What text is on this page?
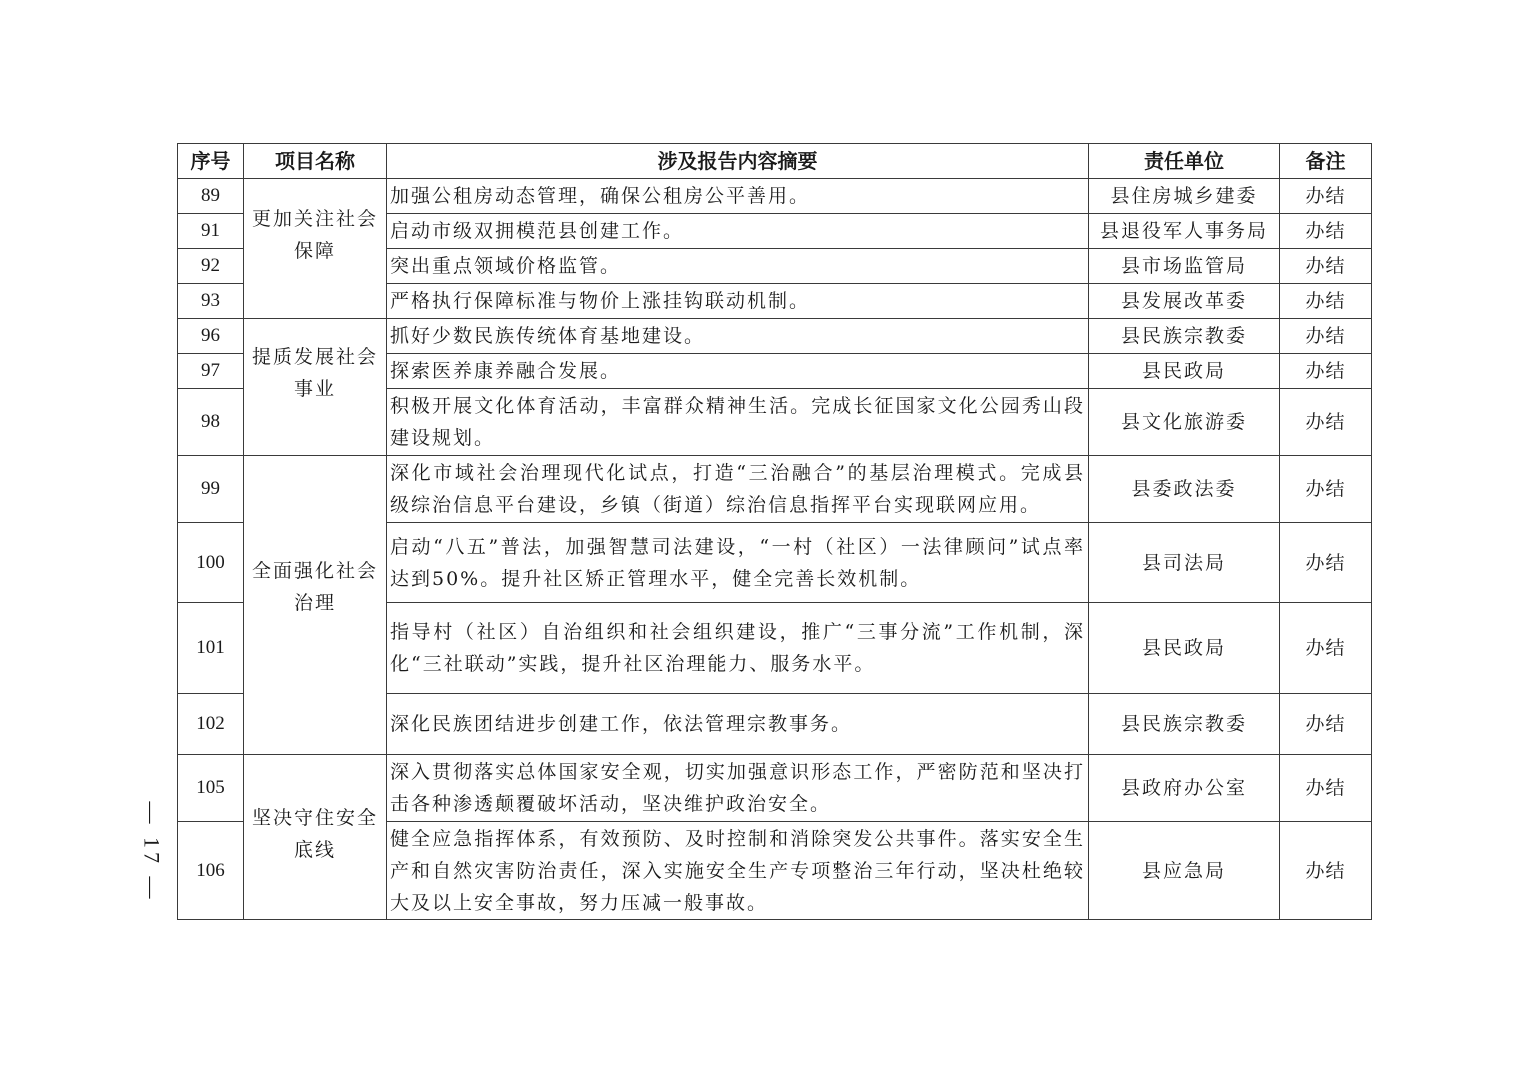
序号	项目名称	涉及报告内容摘要	责任单位	备注
89	更加关注社会保障	加强公租房动态管理，确保公租房公平善用。	县住房城乡建委	办结
91		启动市级双拥模范县创建工作。	县退役军人事务局	办结
92		突出重点领域价格监管。	县市场监管局	办结
93		严格执行保障标准与物价上涨挂钩联动机制。	县发展改革委	办结
96	提质发展社会事业	抓好少数民族传统体育基地建设。	县民族宗教委	办结
97		探索医养康养融合发展。	县民政局	办结
98		积极开展文化体育活动，丰富群众精神生活。完成长征国家文化公园秀山段建设规划。	县文化旅游委	办结
99	全面强化社会治理	深化市域社会治理现代化试点，打造“三治融合”的基层治理模式。完成县级综治信息平台建设，乡镇（街道）综治信息指挥平台实现联网应用。	县委政法委	办结
100		启动“八五”普法，加强智慧司法建设，“一村（社区）一法律顾问”试点率达到50%。提升社区矫正管理水平，健全完善长效机制。	县司法局	办结
101		指导村（社区）自治组织和社会组织建设，推广“三事分流”工作机制，深化“三社联动”实践，提升社区治理能力、服务水平。	县民政局	办结
102		深化民族团结进步创建工作，依法管理宗教事务。	县民族宗教委	办结
105	坚决守住安全底线	深入贯彻落实总体国家安全观，切实加强意识形态工作，严密防范和坚决打击各种渗透颠覆破坏活动，坚决维护政治安全。	县政府办公室	办结
106		健全应急指挥体系，有效预防、及时控制和消除突发公共事件。落实安全生产和自然灾害防治责任，深入实施安全生产专项整治三年行动，坚决杜绝较大及以上安全事故，努力压减一般事故。	县应急局	办结
— 17 —
